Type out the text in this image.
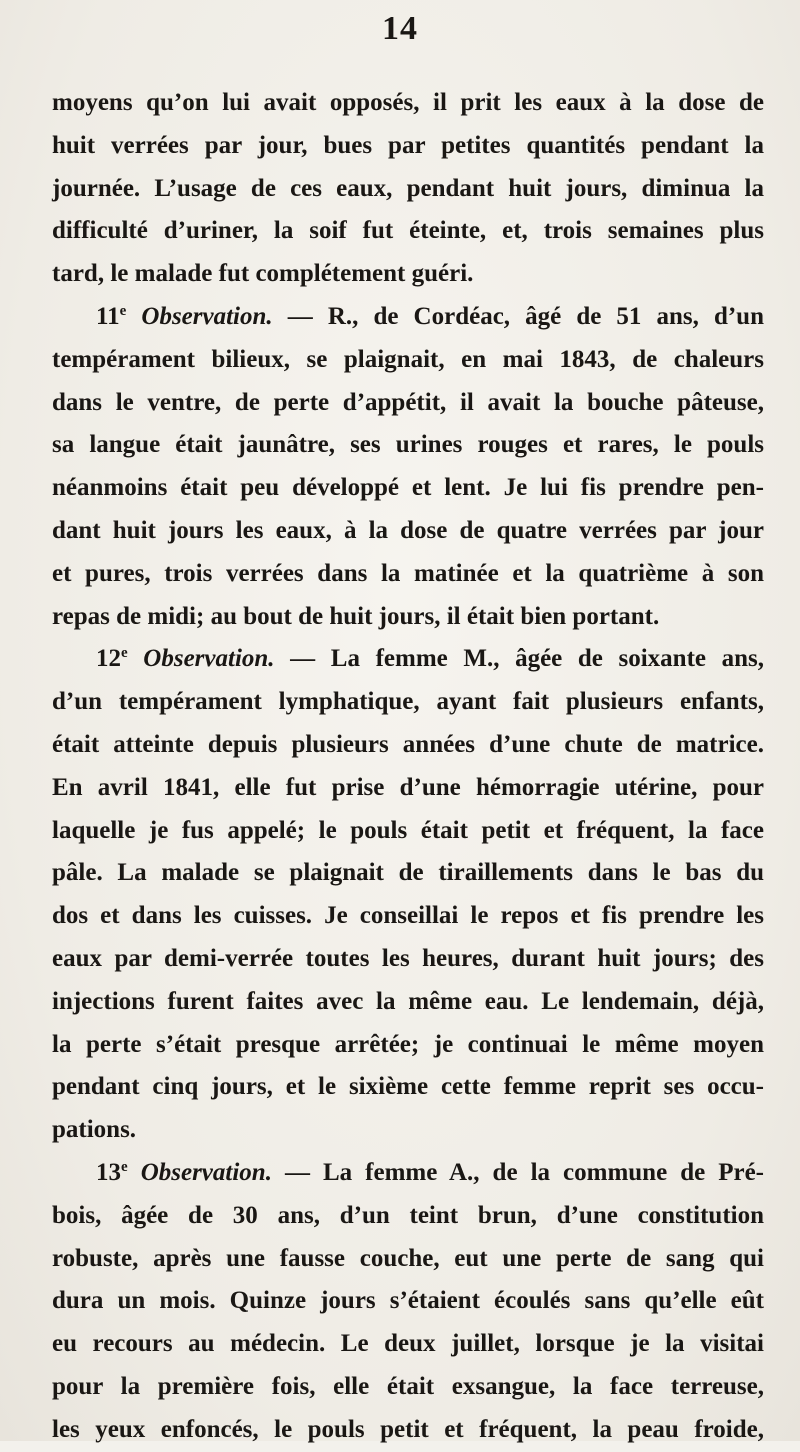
14
moyens qu’on lui avait opposés, il prit les eaux à la dose de
huit verrées par jour, bues par petites quantités pendant la
journée. L’usage de ces eaux, pendant huit jours, diminua la
difficulté d’uriner, la soif fut éteinte, et, trois semaines plus
tard, le malade fut complétement guéri.
11e Observation. — R., de Cordéac, âgé de 51 ans, d’un
tempérament bilieux, se plaignait, en mai 1843, de chaleurs
dans le ventre, de perte d’appétit, il avait la bouche pâteuse,
sa langue était jaunâtre, ses urines rouges et rares, le pouls
néanmoins était peu développé et lent. Je lui fis prendre pen-
dant huit jours les eaux, à la dose de quatre verrées par jour
et pures, trois verrées dans la matinée et la quatrième à son
repas de midi; au bout de huit jours, il était bien portant.
12e Observation. — La femme M., âgée de soixante ans,
d’un tempérament lymphatique, ayant fait plusieurs enfants,
était atteinte depuis plusieurs années d’une chute de matrice.
En avril 1841, elle fut prise d’une hémorragie utérine, pour
laquelle je fus appelé; le pouls était petit et fréquent, la face
pâle. La malade se plaignait de tiraillements dans le bas du
dos et dans les cuisses. Je conseillai le repos et fis prendre les
eaux par demi-verrée toutes les heures, durant huit jours; des
injections furent faites avec la même eau. Le lendemain, déjà,
la perte s’était presque arrêtée; je continuai le même moyen
pendant cinq jours, et le sixième cette femme reprit ses occu-
pations.
13e Observation. — La femme A., de la commune de Pré-
bois, âgée de 30 ans, d’un teint brun, d’une constitution
robuste, après une fausse couche, eut une perte de sang qui
dura un mois. Quinze jours s’étaient écoulés sans qu’elle eût
eu recours au médecin. Le deux juillet, lorsque je la visitai
pour la première fois, elle était exsangue, la face terreuse,
les yeux enfoncés, le pouls petit et fréquent, la peau froide,
